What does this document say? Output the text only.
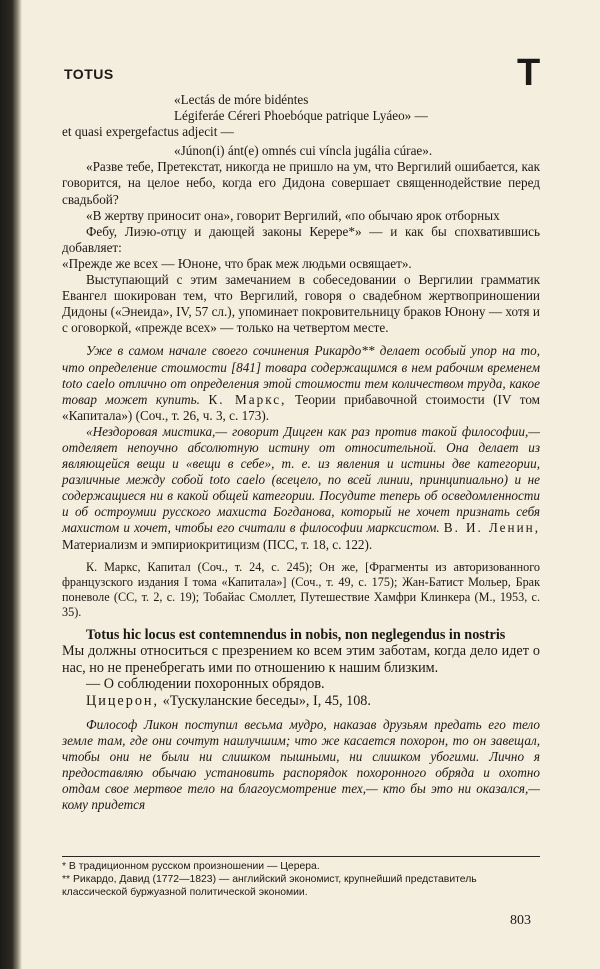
TOTUS	T

«Lectás de móre bidéntes

Légiferáe Céreri Phoebóque patrique Lyáeo» —

et quasi expergefactus adjecit —

«Júnon(i) ánt(e) omnés cui víncla jugália cúrae».

«Разве тебе, Претекстат, никогда не пришло на ум, что Вергилий ошибается, как говорится, на целое небо, когда его Дидона совершает священнодействие перед свадьбой?

«В жертву приносит она», говорит Вергилий, «по обычаю ярок отборных

Фебу, Лиэю-отцу и дающей законы Керере*» — и как бы спохватившись добавляет:

«Прежде же всех — Юноне, что брак меж людьми освящает».

Выступающий с этим замечанием в собеседовании о Вергилии грамматик Евангел шокирован тем, что Вергилий, говоря о свадебном жертвоприношении Дидоны («Энеида», IV, 57 сл.), упоминает покровительницу браков Юнону — хотя и с оговоркой, «прежде всех» — только на четвертом месте.

Уже в самом начале своего сочинения Рикардо** делает особый упор на то, что определение стоимости [841] товара содержащимся в нем рабочим временем toto caelo отлично от определения этой стоимости тем количеством труда, какое товар может купить. К. Маркс, Теории прибавочной стоимости (IV том «Капитала») (Соч., т. 26, ч. 3, с. 173).

«Нездоровая мистика,— говорит Дицген как раз против такой философии,— отделяет непоучно абсолютную истину от относительной. Она делает из являющейся вещи и «вещи в себе», т. е. из явления и истины две категории, различные между собой toto caelo (всецело, по всей линии, принципиально) и не содержащиеся ни в какой общей категории. Посудите теперь об осведомленности и об остроумии русского махиста Богданова, который не хочет признать себя махистом и хочет, чтобы его считали в философии марксистом. В. И. Ленин, Материализм и эмпириокритицизм (ПСС, т. 18, с. 122).

К. Маркс, Капитал (Соч., т. 24, с. 245); Он же, [Фрагменты из авторизованного французского издания I тома «Капитала»] (Соч., т. 49, с. 175); Жан-Батист Мольер, Брак поневоле (СС, т. 2, с. 19); Тобайас Смоллет, Путешествие Хамфри Клинкера (М., 1953, с. 35).

Totus hic locus est contemnendus in nobis, non neglegendus in nostris

Мы должны относиться с презрением ко всем этим заботам, когда дело идет о нас, но не пренебрегать ими по отношению к нашим близким.

— О соблюдении похоронных обрядов.

Цицерон, «Тускуланские беседы», I, 45, 108.

Философ Ликон поступил весьма мудро, наказав друзьям предать его тело земле там, где они сочтут наилучшим; что же касается похорон, то он завещал, чтобы они не были ни слишком пышными, ни слишком убогими. Лично я предоставляю обычаю установить распорядок похоронного обряда и охотно отдам свое мертвое тело на благоусмотрение тех,— кто бы это ни оказался,— кому придется

* В традиционном русском произношении — Церера.

** Рикардо, Давид (1772—1823) — английский экономист, крупнейший представитель классической буржуазной политической экономии.

803
